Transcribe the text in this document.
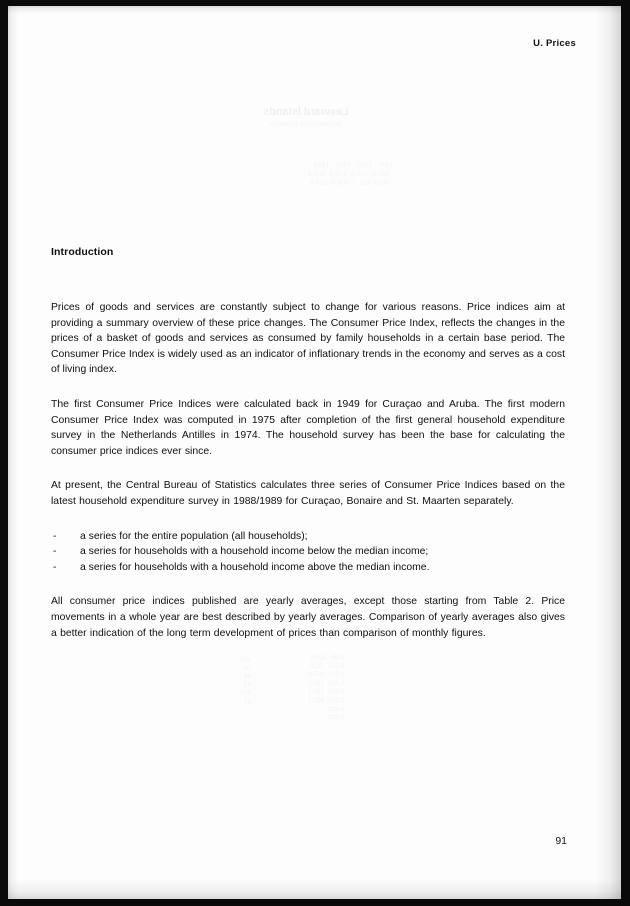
Leeward Islands
U. Prices
Introduction

Prices of goods and services are constantly subject to change for various reasons. Price indices aim at providing a summary overview of these price changes. The Consumer Price Index, reflects the changes in the prices of a basket of goods and services as consumed by family households in a certain base period. The Consumer Price Index is widely used as an indicator of inflationary trends in the economy and serves as a cost of living index.

The first Consumer Price Indices were calculated back in 1949 for Curaçao and Aruba. The first modern Consumer Price Index was computed in 1975 after completion of the first general household expenditure survey in the Netherlands Antilles in 1974. The household survey has been the base for calculating the consumer price indices ever since.

At present, the Central Bureau of Statistics calculates three series of Consumer Price Indices based on the latest household expenditure survey in 1988/1989 for Curaçao, Bonaire and St. Maarten separately.

- a series for the entire population (all households);
- a series for households with a household income below the median income;
- a series for households with a household income above the median income.

All consumer price indices published are yearly averages, except those starting from Table 2. Price movements in a whole year are best described by yearly averages. Comparison of yearly averages also gives a better indication of the long term development of prices than comparison of monthly figures.

91
